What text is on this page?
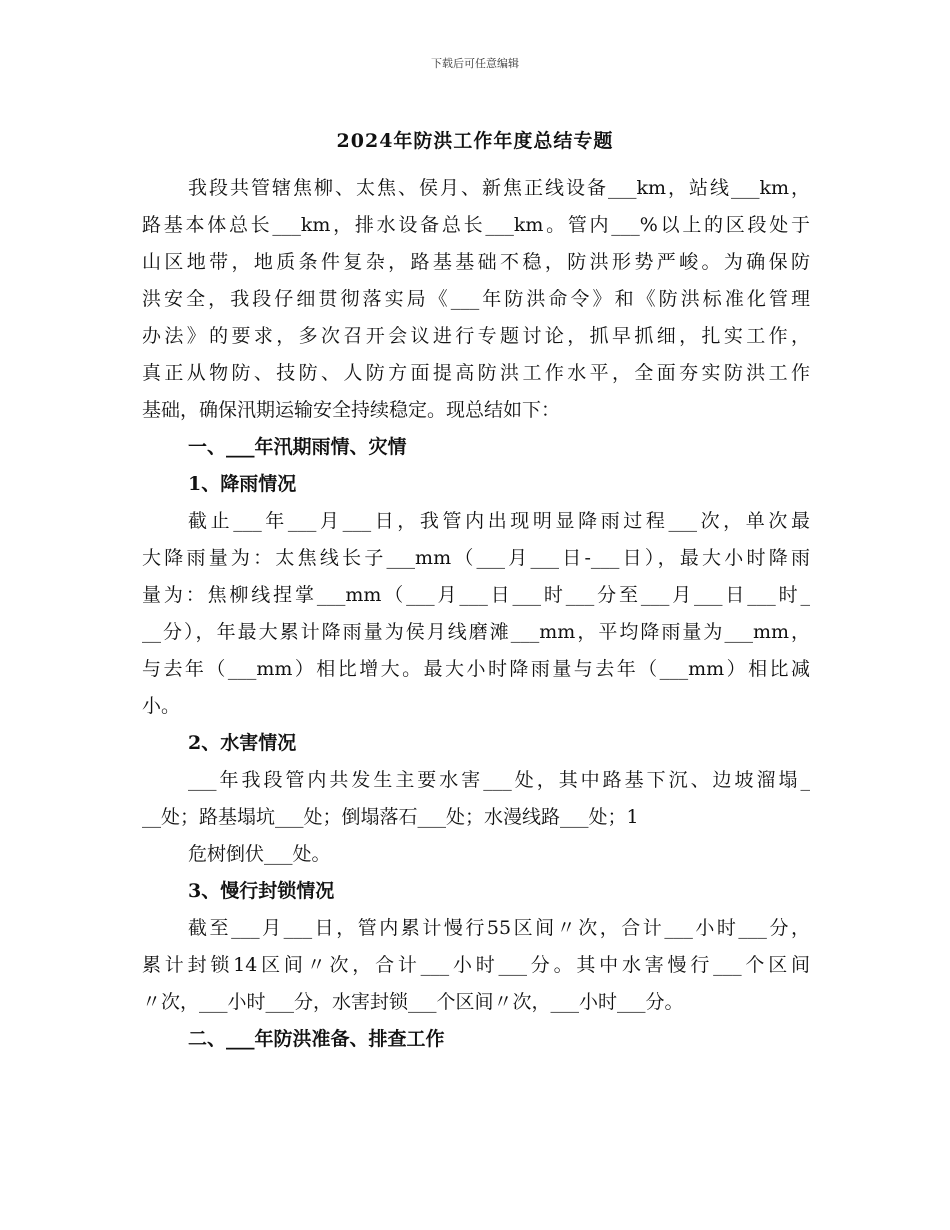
下载后可任意编辑
2024年防洪工作年度总结专题
我段共管辖焦柳、太焦、侯月、新焦正线设备___km，站线___km，
路基本体总长___km，排水设备总长___km。管内___%以上的区段处于
山区地带，地质条件复杂，路基基础不稳，防洪形势严峻。为确保防
洪安全，我段仔细贯彻落实局《___年防洪命令》和《防洪标准化管理
办法》的要求，多次召开会议进行专题讨论，抓早抓细，扎实工作，
真正从物防、技防、人防方面提高防洪工作水平，全面夯实防洪工作
基础，确保汛期运输安全持续稳定。现总结如下：
一、___年汛期雨情、灾情
1、降雨情况
截止___年___月___日，我管内出现明显降雨过程___次，单次最
大降雨量为：太焦线长子___mm（___月___日-___日），最大小时降雨
量为：焦柳线捏掌___mm（___月___日___时___分至___月___日___时_
__分），年最大累计降雨量为侯月线磨滩___mm，平均降雨量为___mm，
与去年（___mm）相比增大。最大小时降雨量与去年（___mm）相比减
小。
2、水害情况
___年我段管内共发生主要水害___处，其中路基下沉、边坡溜塌_
__处；路基塌坑___处；倒塌落石___处；水漫线路___处；1
危树倒伏___处。
3、慢行封锁情况
截至___月___日，管内累计慢行55区间〃次，合计___小时___分，
累计封锁14区间〃次，合计___小时___分。其中水害慢行___个区间
〃次，___小时___分，水害封锁___个区间〃次，___小时___分。
二、___年防洪准备、排查工作
